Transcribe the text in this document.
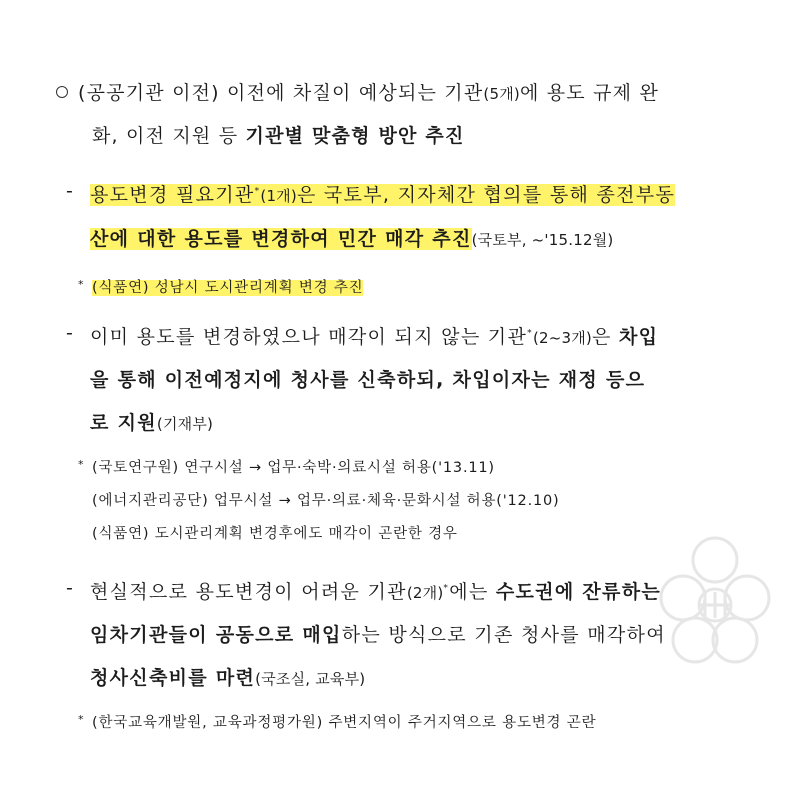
(공공기관 이전) 이전에 차질이 예상되는 기관(5개)에 용도 규제 완
화, 이전 지원 등 기관별 맞춤형 방안 추진
- 용도변경 필요기관*(1개)은 국토부, 지자체간 협의를 통해 종전부동
산에 대한 용도를 변경하여 민간 매각 추진(국토부, ~'15.12월)
* (식품연) 성남시 도시관리계획 변경 추진
- 이미 용도를 변경하였으나 매각이 되지 않는 기관*(2~3개)은 차입
을 통해 이전예정지에 청사를 신축하되, 차입이자는 재정 등으
로 지원(기재부)
* (국토연구원) 연구시설 → 업무·숙박·의료시설 허용('13.11)
(에너지관리공단) 업무시설 → 업무·의료·체육·문화시설 허용('12.10)
(식품연) 도시관리계획 변경후에도 매각이 곤란한 경우
- 현실적으로 용도변경이 어려운 기관(2개)*에는 수도권에 잔류하는
임차기관들이 공동으로 매입하는 방식으로 기존 청사를 매각하여
청사신축비를 마련(국조실, 교육부)
* (한국교육개발원, 교육과정평가원) 주변지역이 주거지역으로 용도변경 곤란
